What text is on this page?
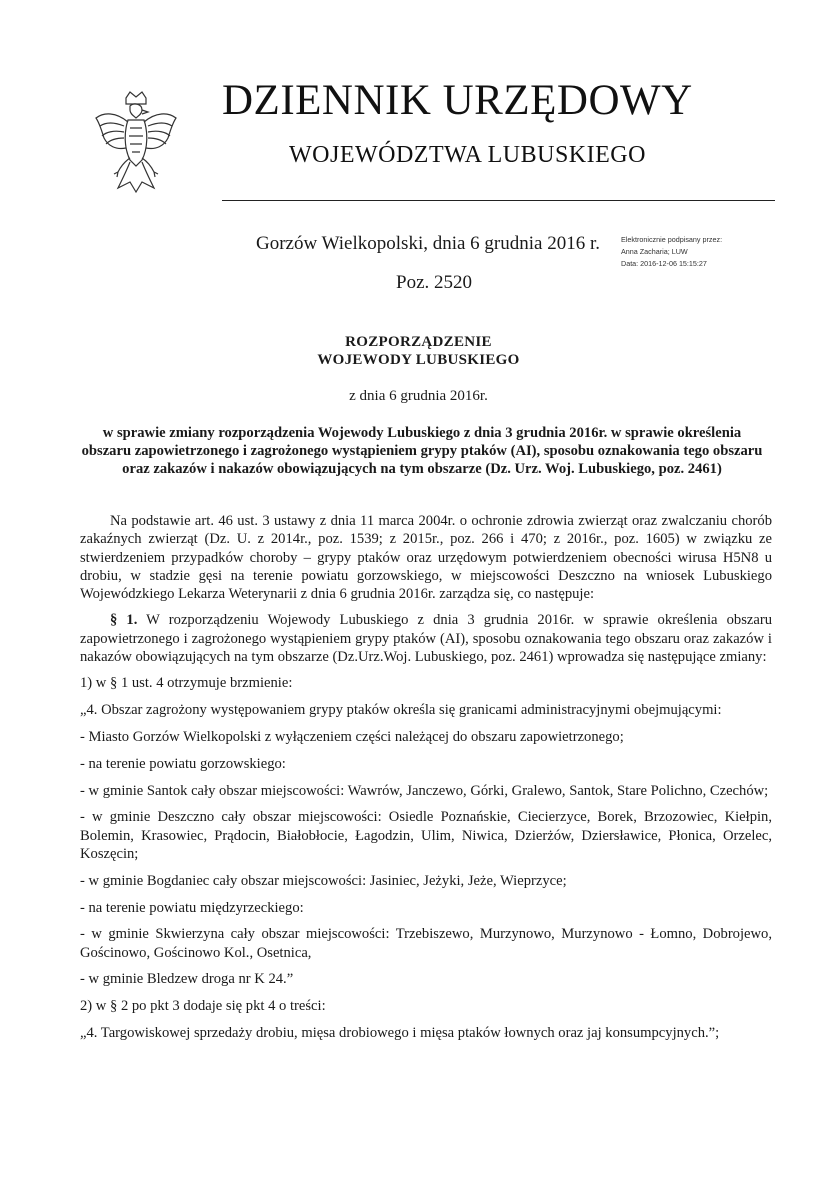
DZIENNIK URZĘDOWY
WOJEWÓDZTWA LUBUSKIEGO
Gorzów Wielkopolski, dnia 6 grudnia 2016 r.
Poz. 2520
Elektronicznie podpisany przez:
Anna Zacharia; LUW
Data: 2016-12-06 15:15:27
ROZPORZĄDZENIE
WOJEWODY LUBUSKIEGO
z dnia 6 grudnia 2016r.
w sprawie zmiany rozporządzenia Wojewody Lubuskiego z dnia 3 grudnia 2016r. w sprawie określenia obszaru zapowietrzonego i zagrożonego wystąpieniem grypy ptaków (AI), sposobu oznakowania tego obszaru oraz zakazów i nakazów obowiązujących na tym obszarze (Dz. Urz. Woj. Lubuskiego, poz. 2461)

Na podstawie art. 46 ust. 3 ustawy z dnia 11 marca 2004r. o ochronie zdrowia zwierząt oraz zwalczaniu chorób zakaźnych zwierząt (Dz. U. z 2014r., poz. 1539; z 2015r., poz. 266 i 470; z 2016r., poz. 1605) w związku ze stwierdzeniem przypadków choroby – grypy ptaków oraz urzędowym potwierdzeniem obecności wirusa H5N8 u drobiu, w stadzie gęsi na terenie powiatu gorzowskiego, w miejscowości Deszczno na wniosek Lubuskiego Wojewódzkiego Lekarza Weterynarii z dnia 6 grudnia 2016r. zarządza się, co następuje:

§ 1. W rozporządzeniu Wojewody Lubuskiego z dnia 3 grudnia 2016r. w sprawie określenia obszaru zapowietrzonego i zagrożonego wystąpieniem grypy ptaków (AI), sposobu oznakowania tego obszaru oraz zakazów i nakazów obowiązujących na tym obszarze (Dz.Urz.Woj. Lubuskiego, poz. 2461) wprowadza się następujące zmiany:

1) w § 1 ust. 4 otrzymuje brzmienie:

„4. Obszar zagrożony występowaniem grypy ptaków określa się granicami administracyjnymi obejmującymi:

- Miasto Gorzów Wielkopolski z wyłączeniem części należącej do obszaru zapowietrzonego;

- na terenie powiatu gorzowskiego:

- w gminie Santok cały obszar miejscowości: Wawrów, Janczewo, Górki, Gralewo, Santok, Stare Polichno, Czechów;

- w gminie Deszczno cały obszar miejscowości: Osiedle Poznańskie, Ciecierzyce, Borek, Brzozowiec, Kiełpin, Bolemin, Krasowiec, Prądocin, Białobłocie, Łagodzin, Ulim, Niwica, Dzierżów, Dziersławice, Płonica, Orzelec, Koszęcin;

- w gminie Bogdaniec cały obszar miejscowości: Jasiniec, Jeżyki, Jeże, Wieprzyce;

- na terenie powiatu międzyrzeckiego:

- w gminie Skwierzyna cały obszar miejscowości: Trzebiszewo, Murzynowo, Murzynowo - Łomno, Dobrojewo, Gościnowo, Gościnowo Kol., Osetnica,

- w gminie Bledzew droga nr K 24.”

2) w § 2 po pkt 3 dodaje się pkt 4 o treści:

„4. Targowiskowej sprzedaży drobiu, mięsa drobiowego i mięsa ptaków łownych oraz jaj konsumpcyjnych.”;
